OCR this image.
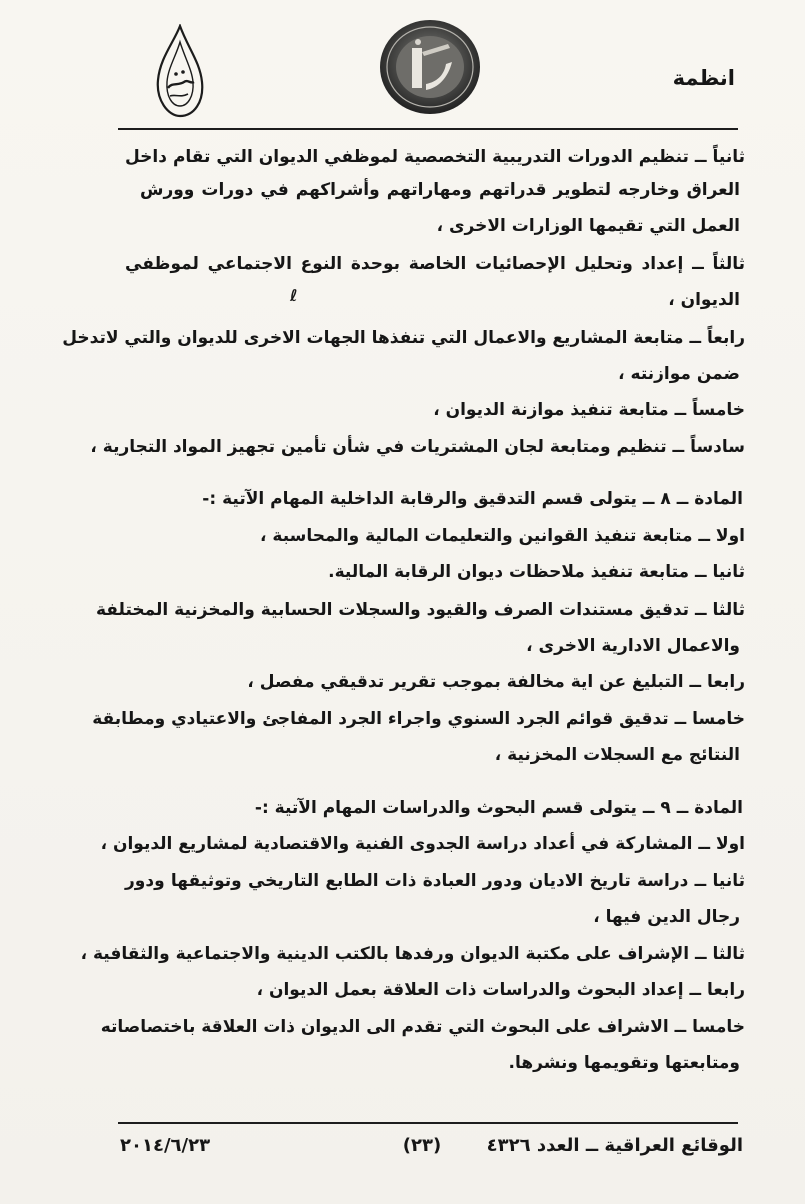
انظمة
ثانياً ــ تنظيم الدورات التدريبية التخصصية لموظفي الديوان التي تقام داخل
العراق وخارجه لتطوير قدراتهم ومهاراتهم وأشراكهم في دورات وورش
العمل التي تقيمها الوزارات الاخرى ،
ثالثاً ــ إعداد وتحليل الإحصائيات الخاصة بوحدة النوع الاجتماعي لموظفي
الديوان ،
رابعاً ــ متابعة المشاريع والاعمال التي تنفذها الجهات الاخرى للديوان والتي لاتدخل
ضمن موازنته ،
خامساً ــ متابعة تنفيذ موازنة الديوان ،
سادساً ــ تنظيم ومتابعة لجان المشتريات في شأن تأمين تجهيز المواد التجارية ،
المادة ــ ٨ ــ يتولى قسم التدقيق والرقابة الداخلية المهام الآتية :-
اولا ــ متابعة تنفيذ القوانين والتعليمات المالية والمحاسبة ،
ثانيا ــ متابعة تنفيذ ملاحظات ديوان الرقابة المالية.
ثالثا ــ تدقيق مستندات الصرف والقيود والسجلات الحسابية والمخزنية المختلفة
والاعمال الادارية الاخرى ،
رابعا ــ التبليغ عن اية مخالفة بموجب تقرير تدقيقي مفصل ،
خامسا ــ تدقيق قوائم الجرد السنوي واجراء الجرد المفاجئ والاعتيادي ومطابقة
النتائج مع السجلات المخزنية ،
المادة ــ ٩ ــ يتولى قسم البحوث والدراسات المهام الآتية :-
اولا ــ المشاركة في أعداد دراسة الجدوى الفنية والاقتصادية لمشاريع الديوان ،
ثانيا ــ دراسة تاريخ الاديان ودور العبادة ذات الطابع التاريخي وتوثيقها ودور
رجال الدين فيها ،
ثالثا ــ الإشراف على مكتبة الديوان ورفدها بالكتب الدينية والاجتماعية والثقافية ،
رابعا ــ إعداد البحوث والدراسات ذات العلاقة بعمل الديوان ،
خامسا ــ الاشراف على البحوث التي تقدم الى الديوان ذات العلاقة باختصاصاته
ومتابعتها وتقويمها ونشرها.
ℓ
الوقائع العراقية ــ العدد ٤٣٢٦
(٢٣)
٢٠١٤/٦/٢٣
